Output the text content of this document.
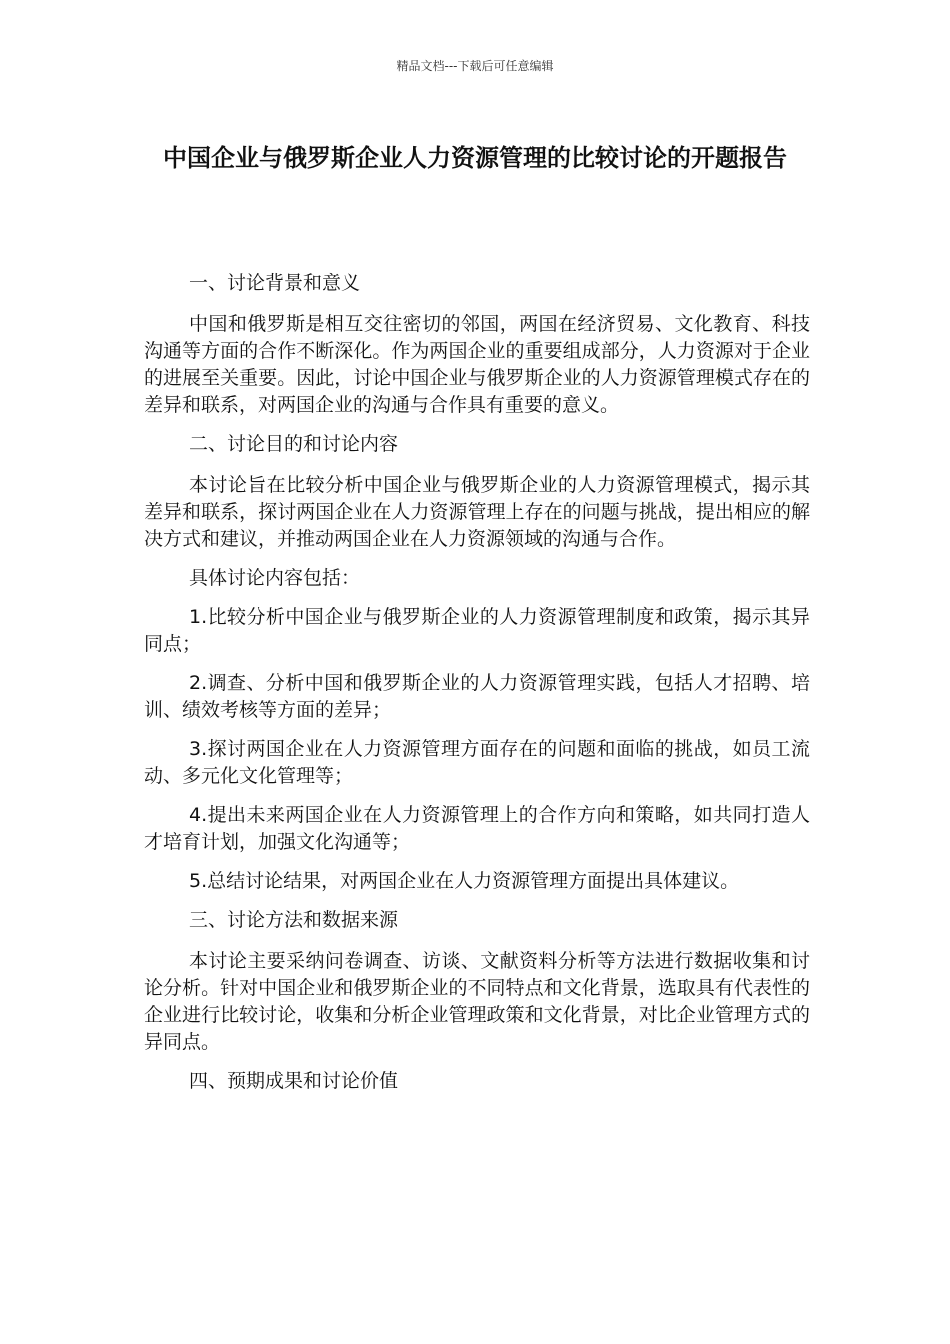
精品文档---下载后可任意编辑
中国企业与俄罗斯企业人力资源管理的比较讨论的开题报告

一、讨论背景和意义

中国和俄罗斯是相互交往密切的邻国，两国在经济贸易、文化教育、科技沟通等方面的合作不断深化。作为两国企业的重要组成部分，人力资源对于企业的进展至关重要。因此，讨论中国企业与俄罗斯企业的人力资源管理模式存在的差异和联系，对两国企业的沟通与合作具有重要的意义。

二、讨论目的和讨论内容

本讨论旨在比较分析中国企业与俄罗斯企业的人力资源管理模式，揭示其差异和联系，探讨两国企业在人力资源管理上存在的问题与挑战，提出相应的解决方式和建议，并推动两国企业在人力资源领域的沟通与合作。

具体讨论内容包括：

1.比较分析中国企业与俄罗斯企业的人力资源管理制度和政策，揭示其异同点；

2.调查、分析中国和俄罗斯企业的人力资源管理实践，包括人才招聘、培训、绩效考核等方面的差异；

3.探讨两国企业在人力资源管理方面存在的问题和面临的挑战，如员工流动、多元化文化管理等；

4.提出未来两国企业在人力资源管理上的合作方向和策略，如共同打造人才培育计划，加强文化沟通等；

5.总结讨论结果，对两国企业在人力资源管理方面提出具体建议。

三、讨论方法和数据来源

本讨论主要采纳问卷调查、访谈、文献资料分析等方法进行数据收集和讨论分析。针对中国企业和俄罗斯企业的不同特点和文化背景，选取具有代表性的企业进行比较讨论，收集和分析企业管理政策和文化背景，对比企业管理方式的异同点。

四、预期成果和讨论价值
